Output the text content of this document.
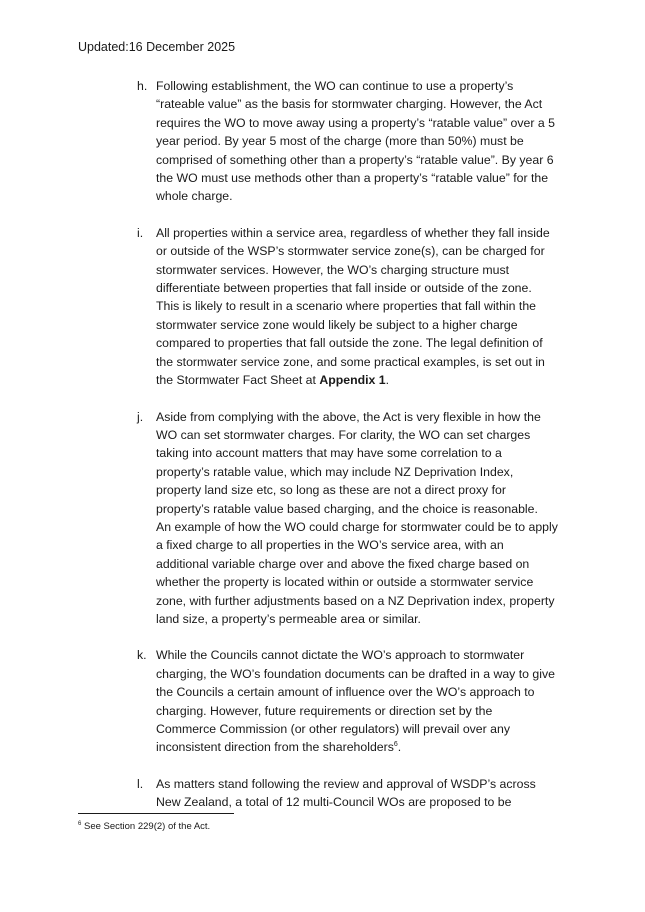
Updated:16 December 2025
h. Following establishment, the WO can continue to use a property’s
“rateable value” as the basis for stormwater charging. However, the Act
requires the WO to move away using a property’s “ratable value” over a 5
year period. By year 5 most of the charge (more than 50%) must be
comprised of something other than a property’s “ratable value”. By year 6
the WO must use methods other than a property’s “ratable value” for the
whole charge.
i.	All properties within a service area, regardless of whether they fall inside
or outside of the WSP’s stormwater service zone(s), can be charged for
stormwater services. However, the WO’s charging structure must
differentiate between properties that fall inside or outside of the zone.
This is likely to result in a scenario where properties that fall within the
stormwater service zone would likely be subject to a higher charge
compared to properties that fall outside the zone. The legal definition of
the stormwater service zone, and some practical examples, is set out in
the Stormwater Fact Sheet at Appendix 1.
j.	Aside from complying with the above, the Act is very flexible in how the
WO can set stormwater charges. For clarity, the WO can set charges
taking into account matters that may have some correlation to a
property’s ratable value, which may include NZ Deprivation Index,
property land size etc, so long as these are not a direct proxy for
property’s ratable value based charging, and the choice is reasonable.
An example of how the WO could charge for stormwater could be to apply
a fixed charge to all properties in the WO’s service area, with an
additional variable charge over and above the fixed charge based on
whether the property is located within or outside a stormwater service
zone, with further adjustments based on a NZ Deprivation index, property
land size, a property’s permeable area or similar.
k. While the Councils cannot dictate the WO’s approach to stormwater
charging, the WO’s foundation documents can be drafted in a way to give
the Councils a certain amount of influence over the WO’s approach to
charging. However, future requirements or direction set by the
Commerce Commission (or other regulators) will prevail over any
inconsistent direction from the shareholders$^6$.
l.	As matters stand following the review and approval of WSDP’s across
New Zealand, a total of 12 multi-Council WOs are proposed to be
$^6$ See Section 229(2) of the Act.
